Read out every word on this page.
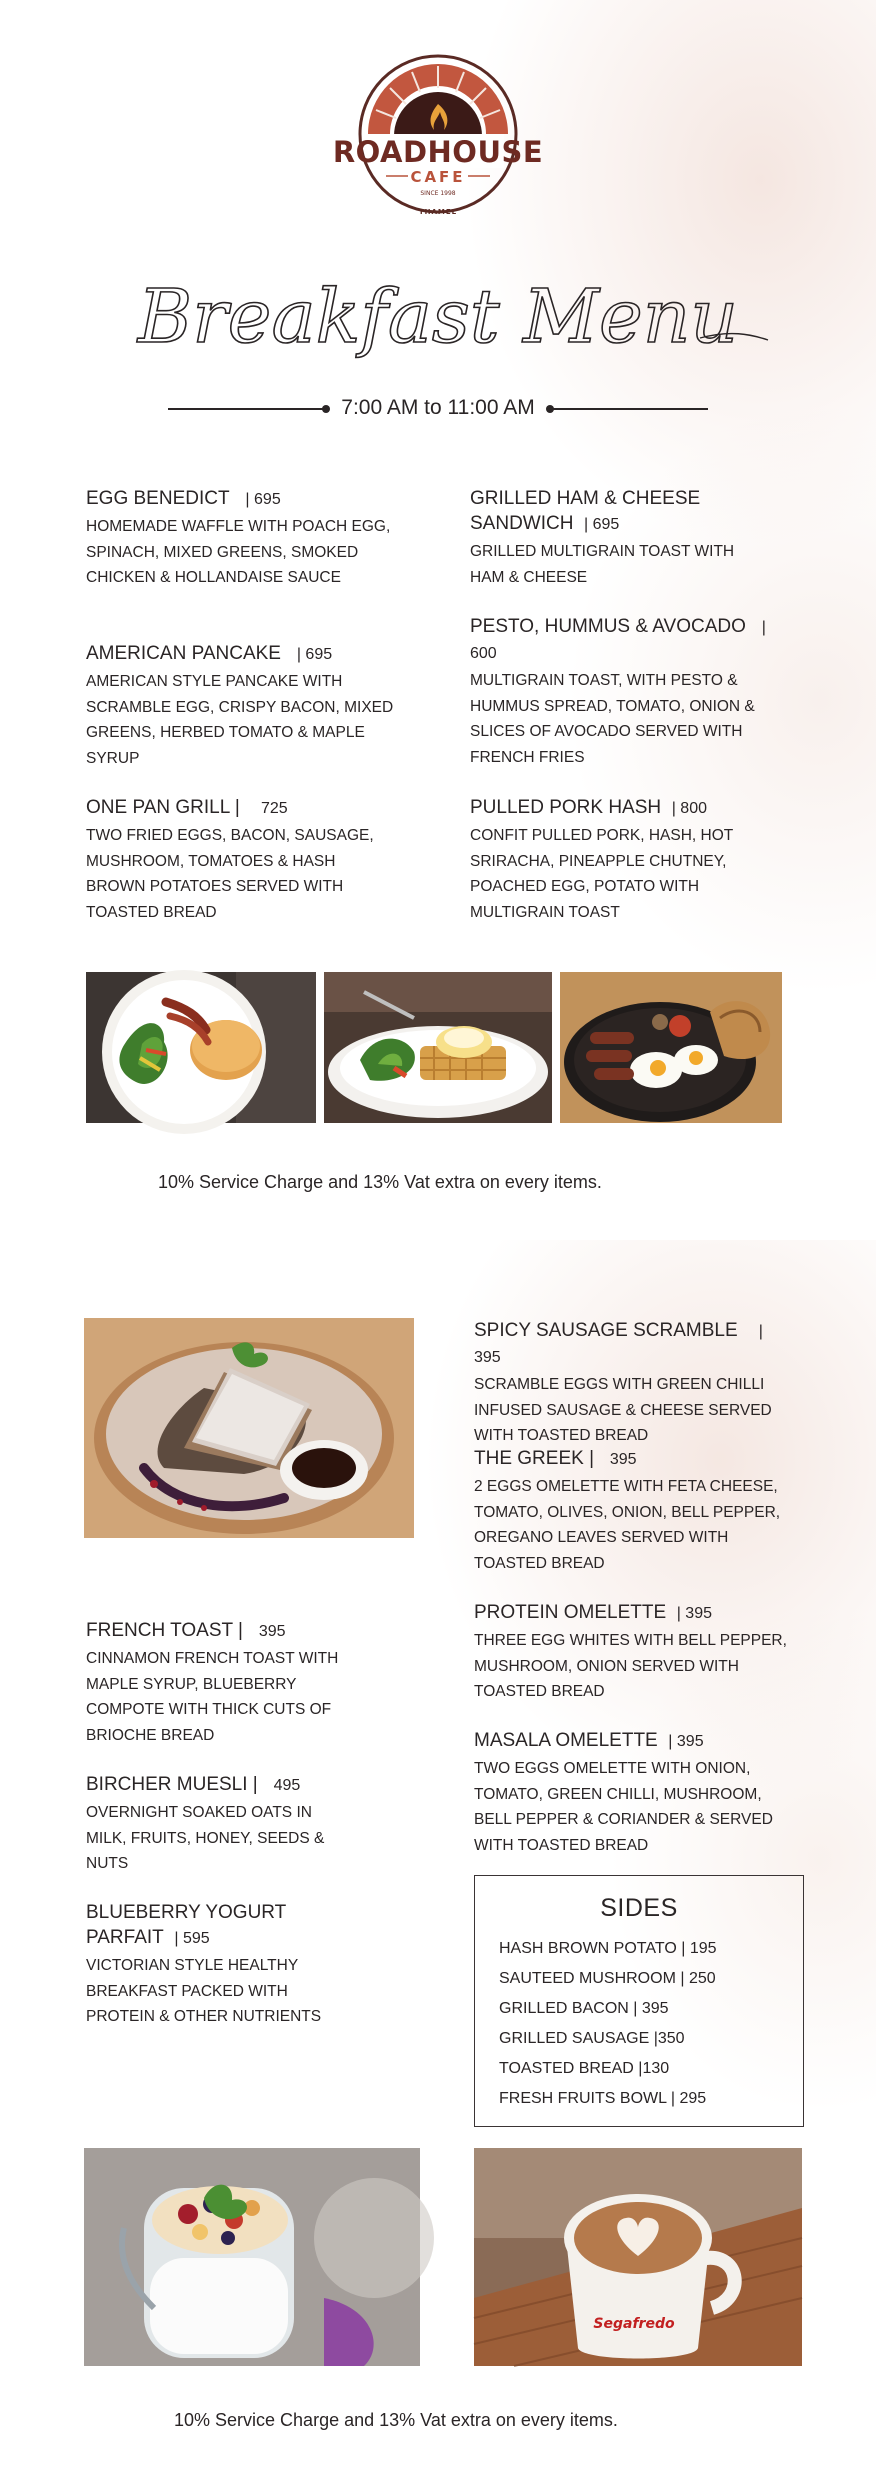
ROADHOUSE
CAFE
SINCE 1998
THAMEL
Breakfast Menu
7:00 AM to 11:00 AM
EGG BENEDICT | 695
HOMEMADE WAFFLE WITH POACH EGG, SPINACH, MIXED GREENS, SMOKED CHICKEN & HOLLANDAISE SAUCE
AMERICAN PANCAKE | 695
AMERICAN STYLE PANCAKE WITH SCRAMBLE EGG, CRISPY BACON, MIXED GREENS, HERBED TOMATO & MAPLE SYRUP
ONE PAN GRILL | 725
TWO FRIED EGGS, BACON, SAUSAGE, MUSHROOM, TOMATOES & HASH BROWN POTATOES SERVED WITH TOASTED BREAD
GRILLED HAM & CHEESE SANDWICH | 695
GRILLED MULTIGRAIN TOAST WITH HAM & CHEESE
PESTO, HUMMUS & AVOCADO | 600
MULTIGRAIN TOAST, WITH PESTO & HUMMUS SPREAD, TOMATO, ONION & SLICES OF AVOCADO SERVED WITH FRENCH FRIES
PULLED PORK HASH | 800
CONFIT PULLED PORK, HASH, HOT SRIRACHA, PINEAPPLE CHUTNEY, POACHED EGG, POTATO WITH MULTIGRAIN TOAST
10% Service Charge and 13% Vat extra on every items.
SPICY SAUSAGE SCRAMBLE | 395
SCRAMBLE EGGS WITH GREEN CHILLI INFUSED SAUSAGE & CHEESE SERVED WITH TOASTED BREAD
THE GREEK | 395
2 EGGS OMELETTE WITH FETA CHEESE, TOMATO, OLIVES, ONION, BELL PEPPER, OREGANO LEAVES SERVED WITH TOASTED BREAD
PROTEIN OMELETTE | 395
THREE EGG WHITES WITH BELL PEPPER, MUSHROOM, ONION SERVED WITH TOASTED BREAD
MASALA OMELETTE | 395
TWO EGGS OMELETTE WITH ONION, TOMATO, GREEN CHILLI, MUSHROOM, BELL PEPPER & CORIANDER & SERVED WITH TOASTED BREAD
FRENCH TOAST | 395
CINNAMON FRENCH TOAST WITH MAPLE SYRUP, BLUEBERRY COMPOTE WITH THICK CUTS OF BRIOCHE BREAD
BIRCHER MUESLI | 495
OVERNIGHT SOAKED OATS IN MILK, FRUITS, HONEY, SEEDS & NUTS
BLUEBERRY YOGURT PARFAIT | 595
VICTORIAN STYLE HEALTHY BREAKFAST PACKED WITH PROTEIN & OTHER NUTRIENTS
SIDES
HASH BROWN POTATO | 195
SAUTEED MUSHROOM | 250
GRILLED BACON | 395
GRILLED SAUSAGE |350
TOASTED BREAD |130
FRESH FRUITS BOWL | 295
Segafredo
10% Service Charge and 13% Vat extra on every items.
